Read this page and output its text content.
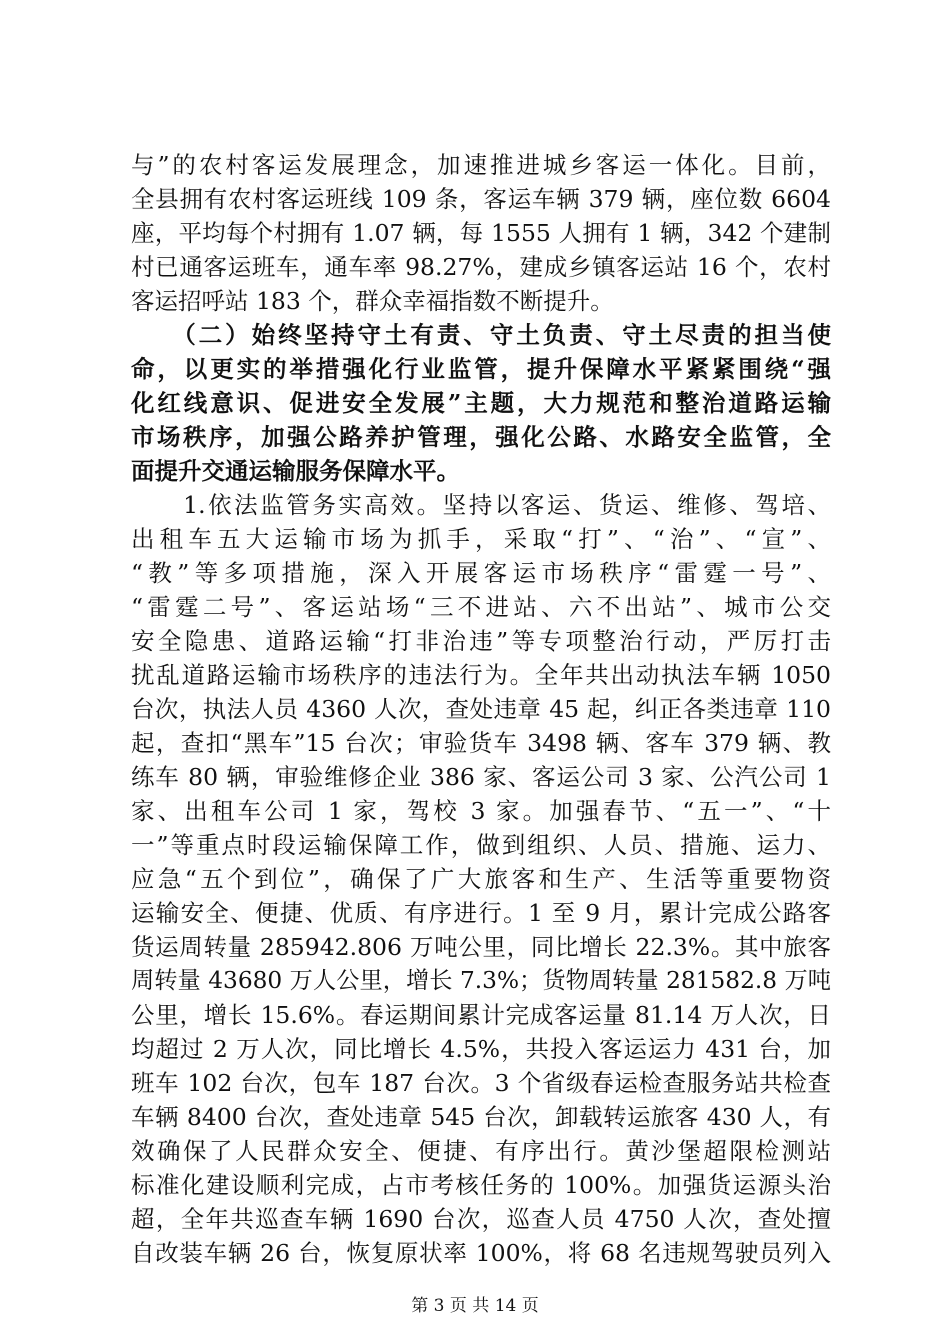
与”的农村客运发展理念，加速推进城乡客运一体化。目前，
全县拥有农村客运班线 109 条，客运车辆 379 辆，座位数 6604
座，平均每个村拥有 1.07 辆，每 1555 人拥有 1 辆，342 个建制
村已通客运班车，通车率 98.27%，建成乡镇客运站 16 个，农村
客运招呼站 183 个，群众幸福指数不断提升。
　　（二）始终坚持守土有责、守土负责、守土尽责的担当使
命，以更实的举措强化行业监管，提升保障水平紧紧围绕“强
化红线意识、促进安全发展”主题，大力规范和整治道路运输
市场秩序，加强公路养护管理，强化公路、水路安全监管，全
面提升交通运输服务保障水平。
　　1.依法监管务实高效。坚持以客运、货运、维修、驾培、
出租车五大运输市场为抓手，采取“打”、“治”、“宣”、
“教”等多项措施，深入开展客运市场秩序“雷霆一号”、
“雷霆二号”、客运站场“三不进站、六不出站”、城市公交
安全隐患、道路运输“打非治违”等专项整治行动，严厉打击
扰乱道路运输市场秩序的违法行为。全年共出动执法车辆 1050
台次，执法人员 4360 人次，查处违章 45 起，纠正各类违章 110
起，查扣“黑车”15 台次；审验货车 3498 辆、客车 379 辆、教
练车 80 辆，审验维修企业 386 家、客运公司 3 家、公汽公司 1
家、出租车公司 1 家，驾校 3 家。加强春节、“五一”、“十
一”等重点时段运输保障工作，做到组织、人员、措施、运力、
应急“五个到位”，确保了广大旅客和生产、生活等重要物资
运输安全、便捷、优质、有序进行。1 至 9 月，累计完成公路客
货运周转量 285942.806 万吨公里，同比增长 22.3%。其中旅客
周转量 43680 万人公里，增长 7.3%；货物周转量 281582.8 万吨
公里，增长 15.6%。春运期间累计完成客运量 81.14 万人次，日
均超过 2 万人次，同比增长 4.5%，共投入客运运力 431 台，加
班车 102 台次，包车 187 台次。3 个省级春运检查服务站共检查
车辆 8400 台次，查处违章 545 台次，卸载转运旅客 430 人，有
效确保了人民群众安全、便捷、有序出行。黄沙堡超限检测站
标准化建设顺利完成，占市考核任务的 100%。加强货运源头治
超，全年共巡查车辆 1690 台次，巡查人员 4750 人次，查处擅
自改装车辆 26 台，恢复原状率 100%，将 68 名违规驾驶员列入
第 3 页 共 14 页
